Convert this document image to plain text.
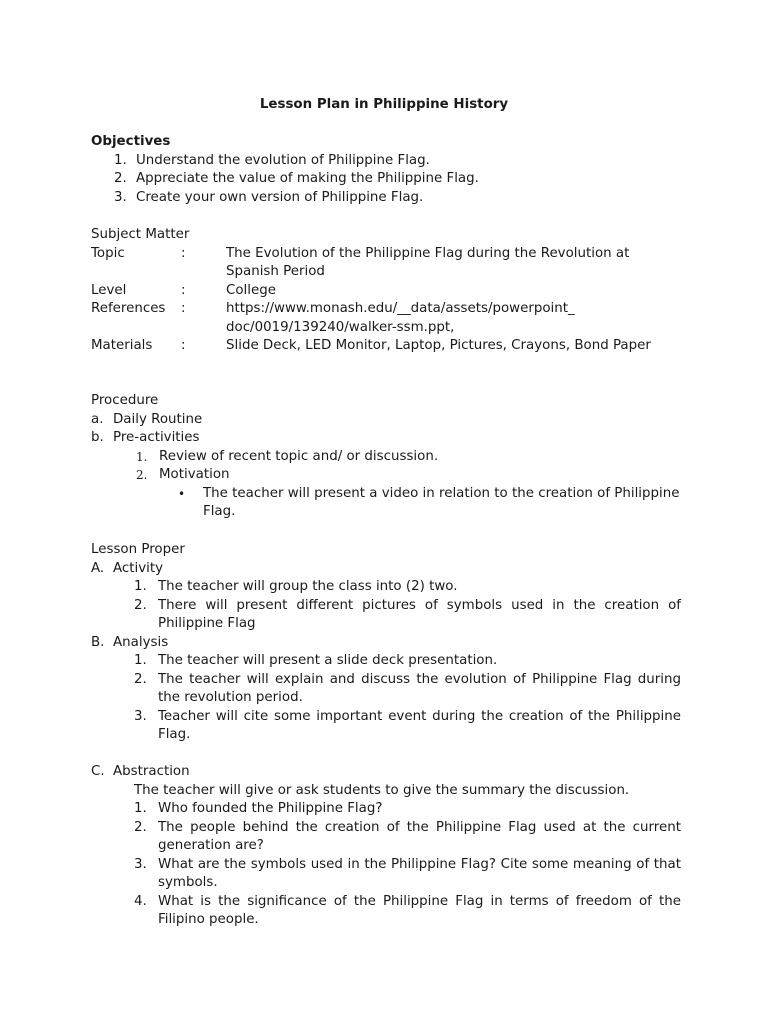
Lesson Plan in Philippine History
Objectives
1. Understand the evolution of Philippine Flag.
2. Appreciate the value of making the Philippine Flag.
3. Create your own version of Philippine Flag.
Subject Matter
Topic	:	The Evolution of the Philippine Flag during the Revolution at Spanish Period
Level	:	College
References	:	https://www.monash.edu/__data/assets/powerpoint_ doc/0019/139240/walker-ssm.ppt,
Materials	:	Slide Deck, LED Monitor, Laptop, Pictures, Crayons, Bond Paper
Procedure
a. Daily Routine
b. Pre-activities
1. Review of recent topic and/ or discussion.
2. Motivation
•	The teacher will present a video in relation to the creation of Philippine Flag.
Lesson Proper
A. Activity
1. The teacher will group the class into (2) two.
2. There will present different pictures of symbols used in the creation of Philippine Flag
B. Analysis
1. The teacher will present a slide deck presentation.
2. The teacher will explain and discuss the evolution of Philippine Flag during the revolution period.
3. Teacher will cite some important event during the creation of the Philippine Flag.
C. Abstraction
The teacher will give or ask students to give the summary the discussion.
1. Who founded the Philippine Flag?
2. The people behind the creation of the Philippine Flag used at the current generation are?
3. What are the symbols used in the Philippine Flag? Cite some meaning of that symbols.
4. What is the significance of the Philippine Flag in terms of freedom of the Filipino people.
